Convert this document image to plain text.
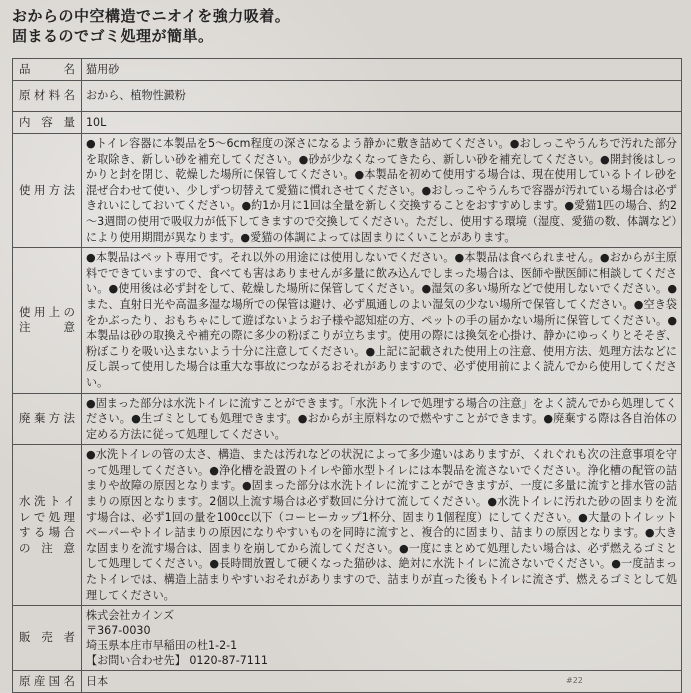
おからの中空構造でニオイを強力吸着。
固まるのでゴミ処理が簡単。
品　　名	猫用砂
原材料名	おから、植物性澱粉
内容量	10L
使用方法	●トイレ容器に本製品を5～6cm程度の深さになるよう静かに敷き詰めてください。●おしっこやうんちで汚れた部分を取除き、新しい砂を補充してください。●砂が少なくなってきたら、新しい砂を補充してください。●開封後はしっかりと封を閉じ、乾燥した場所に保管してください。●本製品を初めて使用する場合は、現在使用しているトイレ砂を混ぜ合わせて使い、少しずつ切替えて愛猫に慣れさせてください。●おしっこやうんちで容器が汚れている場合は必ずきれいにしておいてください。●約1か月に1回は全量を新しく交換することをおすすめします。●愛猫1匹の場合、約2～3週間の使用で吸収力が低下してきますので交換してください。ただし、使用する環境（湿度、愛猫の数、体調など）により使用期間が異なります。●愛猫の体調によっては固まりにくいことがあります。
使用上の注意	●本製品はペット専用です。それ以外の用途には使用しないでください。●本製品は食べられません。●おからが主原料でできていますので、食べても害はありませんが多量に飲み込んでしまった場合は、医師や獣医師に相談してください。●使用後は必ず封をして、乾燥した場所に保管してください。●湿気の多い場所などで使用しないでください。●また、直射日光や高温多湿な場所での保管は避け、必ず風通しのよい湿気の少ない場所で保管してください。●空き袋をかぶったり、おもちゃにして遊ばないようお子様や認知症の方、ペットの手の届かない場所に保管してください。●本製品は砂の取換えや補充の際に多少の粉ぼこりが立ちます。使用の際には換気を心掛け、静かにゆっくりとそそぎ、粉ぼこりを吸い込まないよう十分に注意してください。●上記に記載された使用上の注意、使用方法、処理方法などに反し誤って使用した場合は重大な事故につながるおそれがありますので、必ず使用前によく読んでから使用してください。
廃棄方法	●固まった部分は水洗トイレに流すことができます。「水洗トイレで処理する場合の注意」をよく読んでから処理してください。●生ゴミとしても処理できます。●おからが主原料なので燃やすことができます。●廃棄する際は各自治体の定める方法に従って処理してください。
水洗トイレで処理する場合の注意	●水洗トイレの管の太さ、構造、または汚れなどの状況によって多少違いはありますが、くれぐれも次の注意事項を守って処理してください。●浄化槽を設置のトイレや節水型トイレには本製品を流さないでください。浄化槽の配管の詰まりや故障の原因となります。●固まった部分は水洗トイレに流すことができますが、一度に多量に流すと排水管の詰まりの原因となります。2個以上流す場合は必ず数回に分けて流してください。●水洗トイレに汚れた砂の固まりを流す場合は、必ず1回の量を100cc以下（コーヒーカップ1杯分、固まり1個程度）にしてください。●大量のトイレットペーパーやトイレ詰まりの原因になりやすいものを同時に流すと、複合的に固まり、詰まりの原因となります。●大きな固まりを流す場合は、固まりを崩してから流してください。●一度にまとめて処理したい場合は、必ず燃えるゴミとして処理してください。●長時間放置して硬くなった猫砂は、絶対に水洗トイレに流さないでください。●一度詰まったトイレでは、構造上詰まりやすいおそれがありますので、詰まりが直った後もトイレに流さず、燃えるゴミとして処理してください。
販売者	株式会社カインズ
〒367-0030
埼玉県本庄市早稲田の杜1-2-1
【お問い合わせ先】 0120-87-7111

原産国名	日本	#22
